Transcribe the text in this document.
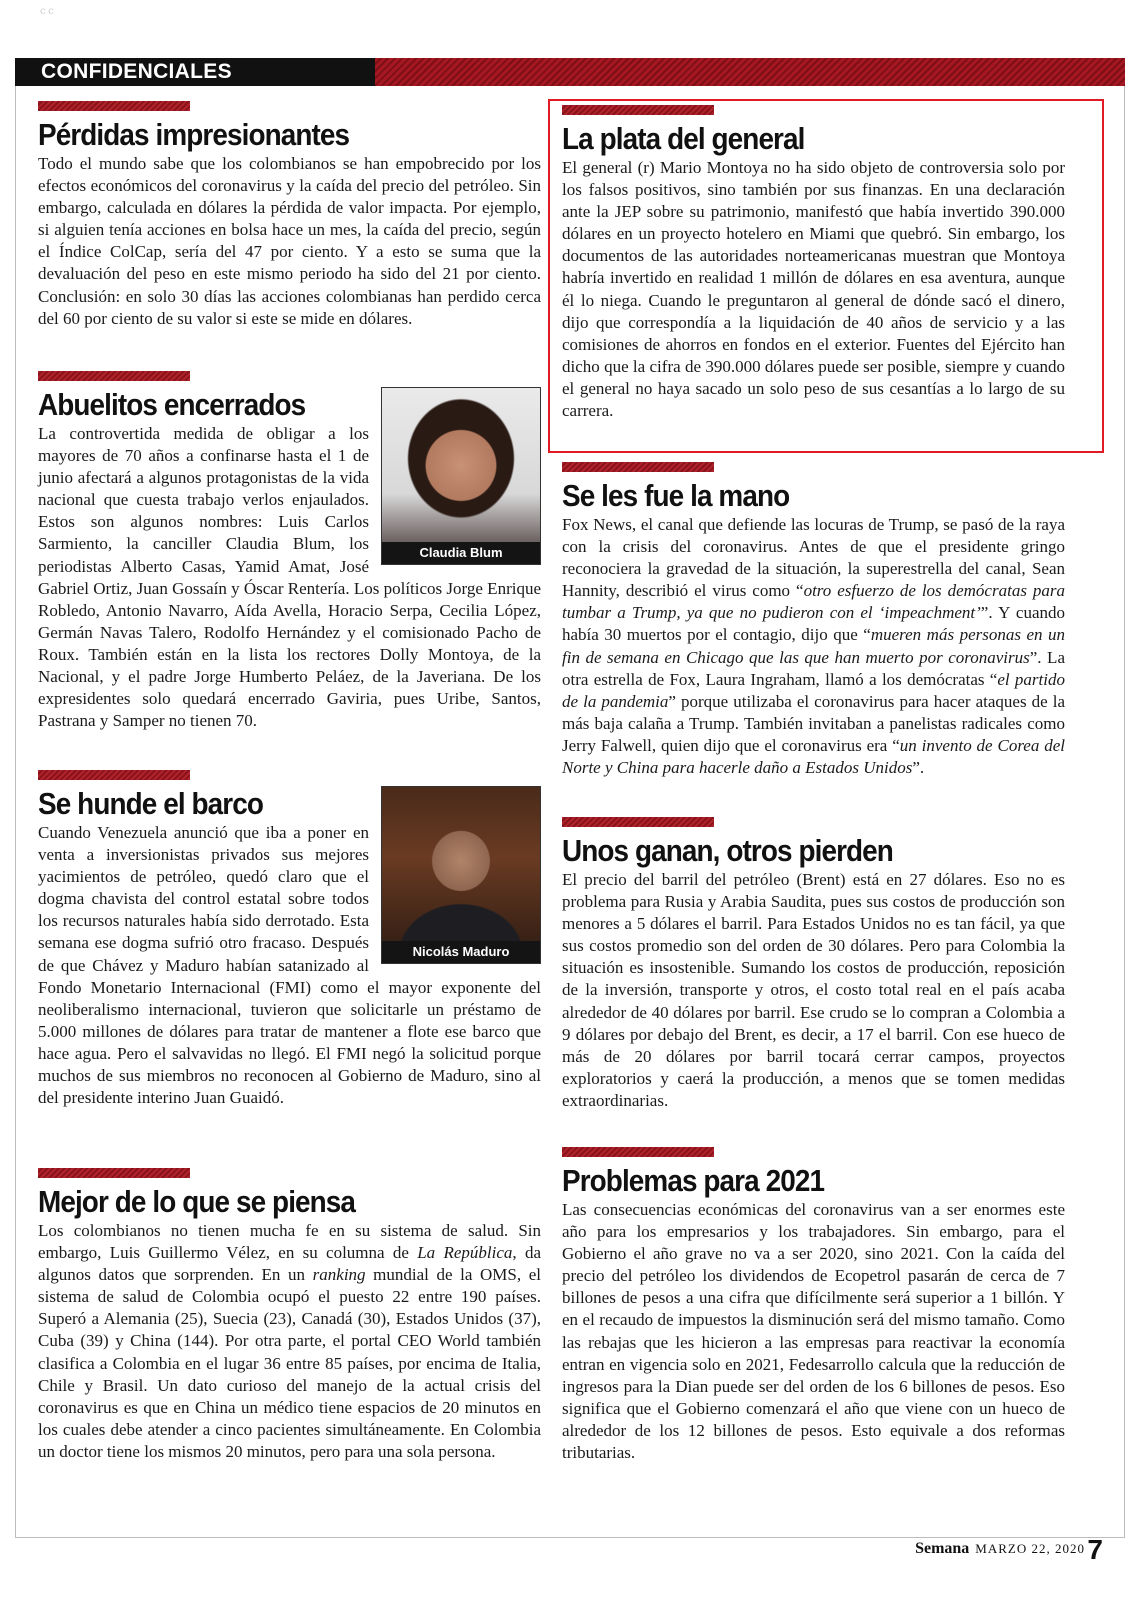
ⅽ ⅽ
CONFIDENCIALES
Pérdidas impresionantes

Todo el mundo sabe que los colombianos se han empobrecido por los efectos económicos del coronavirus y la caída del precio del petróleo. Sin embargo, calculada en dólares la pérdida de valor impacta. Por ejemplo, si alguien tenía acciones en bolsa hace un mes, la caída del precio, según el Índice ColCap, sería del 47 por ciento. Y a esto se suma que la devaluación del peso en este mismo periodo ha sido del 21 por ciento. Conclusión: en solo 30 días las acciones colombianas han perdido cerca del 60 por ciento de su valor si este se mide en dólares.

Abuelitos encerrados
Claudia Blum

La controvertida medida de obligar a los mayores de 70 años a confinarse hasta el 1 de junio afectará a algunos protagonistas de la vida nacional que cuesta trabajo verlos enjaulados. Estos son algunos nombres: Luis Carlos Sarmiento, la canciller Claudia Blum, los periodistas Alberto Casas, Yamid Amat, José Gabriel Ortiz, Juan Gossaín y Óscar Rentería. Los políticos Jorge Enrique Robledo, Antonio Navarro, Aída Avella, Horacio Serpa, Cecilia López, Germán Navas Talero, Rodolfo Hernández y el comisionado Pacho de Roux. También están en la lista los rectores Dolly Montoya, de la Nacional, y el padre Jorge Humberto Peláez, de la Javeriana. De los expresidentes solo quedará encerrado Gaviria, pues Uribe, Santos, Pastrana y Samper no tienen 70.

Se hunde el barco
Nicolás Maduro

Cuando Venezuela anunció que iba a poner en venta a inversionistas privados sus mejores yacimientos de petróleo, quedó claro que el dogma chavista del control estatal sobre todos los recursos naturales había sido derrotado. Esta semana ese dogma sufrió otro fracaso. Después de que Chávez y Maduro habían satanizado al Fondo Monetario Internacional (FMI) como el mayor exponente del neoliberalismo internacional, tuvieron que solicitarle un préstamo de 5.000 millones de dólares para tratar de mantener a flote ese barco que hace agua. Pero el salvavidas no llegó. El FMI negó la solicitud porque muchos de sus miembros no reconocen al Gobierno de Maduro, sino al del presidente interino Juan Guaidó.

Mejor de lo que se piensa

Los colombianos no tienen mucha fe en su sistema de salud. Sin embargo, Luis Guillermo Vélez, en su columna de La República, da algunos datos que sorprenden. En un ranking mundial de la OMS, el sistema de salud de Colombia ocupó el puesto 22 entre 190 países. Superó a Alemania (25), Suecia (23), Canadá (30), Estados Unidos (37), Cuba (39) y China (144). Por otra parte, el portal CEO World también clasifica a Colombia en el lugar 36 entre 85 países, por encima de Italia, Chile y Brasil. Un dato curioso del manejo de la actual crisis del coronavirus es que en China un médico tiene espacios de 20 minutos en los cuales debe atender a cinco pacientes simultáneamente. En Colombia un doctor tiene los mismos 20 minutos, pero para una sola persona.

La plata del general

El general (r) Mario Montoya no ha sido objeto de controversia solo por los falsos positivos, sino también por sus finanzas. En una declaración ante la JEP sobre su patrimonio, manifestó que había invertido 390.000 dólares en un proyecto hotelero en Miami que quebró. Sin embargo, los documentos de las autoridades norteamericanas muestran que Montoya habría invertido en realidad 1 millón de dólares en esa aventura, aunque él lo niega. Cuando le preguntaron al general de dónde sacó el dinero, dijo que correspondía a la liquidación de 40 años de servicio y a las comisiones de ahorros en fondos en el exterior. Fuentes del Ejército han dicho que la cifra de 390.000 dólares puede ser posible, siempre y cuando el general no haya sacado un solo peso de sus cesantías a lo largo de su carrera.

Se les fue la mano

Fox News, el canal que defiende las locuras de Trump, se pasó de la raya con la crisis del coronavirus. Antes de que el presidente gringo reconociera la gravedad de la situación, la superestrella del canal, Sean Hannity, describió el virus como “otro esfuerzo de los demócratas para tumbar a Trump, ya que no pudieron con el ‘impeachment’”. Y cuando había 30 muertos por el contagio, dijo que “mueren más personas en un fin de semana en Chicago que las que han muerto por coronavirus”. La otra estrella de Fox, Laura Ingraham, llamó a los demócratas “el partido de la pandemia” porque utilizaba el coronavirus para hacer ataques de la más baja calaña a Trump. También invitaban a panelistas radicales como Jerry Falwell, quien dijo que el coronavirus era “un invento de Corea del Norte y China para hacerle daño a Estados Unidos”.

Unos ganan, otros pierden

El precio del barril del petróleo (Brent) está en 27 dólares. Eso no es problema para Rusia y Arabia Saudita, pues sus costos de producción son menores a 5 dólares el barril. Para Estados Unidos no es tan fácil, ya que sus costos promedio son del orden de 30 dólares. Pero para Colombia la situación es insostenible. Sumando los costos de producción, reposición de la inversión, transporte y otros, el costo total real en el país acaba alrededor de 40 dólares por barril. Ese crudo se lo compran a Colombia a 9 dólares por debajo del Brent, es decir, a 17 el barril. Con ese hueco de más de 20 dólares por barril tocará cerrar campos, proyectos exploratorios y caerá la producción, a menos que se tomen medidas extraordinarias.

Problemas para 2021

Las consecuencias económicas del coronavirus van a ser enormes este año para los empresarios y los trabajadores. Sin embargo, para el Gobierno el año grave no va a ser 2020, sino 2021. Con la caída del precio del petróleo los dividendos de Ecopetrol pasarán de cerca de 7 billones de pesos a una cifra que difícilmente será superior a 1 billón. Y en el recaudo de impuestos la disminución será del mismo tamaño. Como las rebajas que les hicieron a las empresas para reactivar la economía entran en vigencia solo en 2021, Fedesarrollo calcula que la reducción de ingresos para la Dian puede ser del orden de los 6 billones de pesos. Eso significa que el Gobierno comenzará el año que viene con un hueco de alrededor de los 12 billones de pesos. Esto equivale a dos reformas tributarias.

Semana MARZO 22, 2020 7
